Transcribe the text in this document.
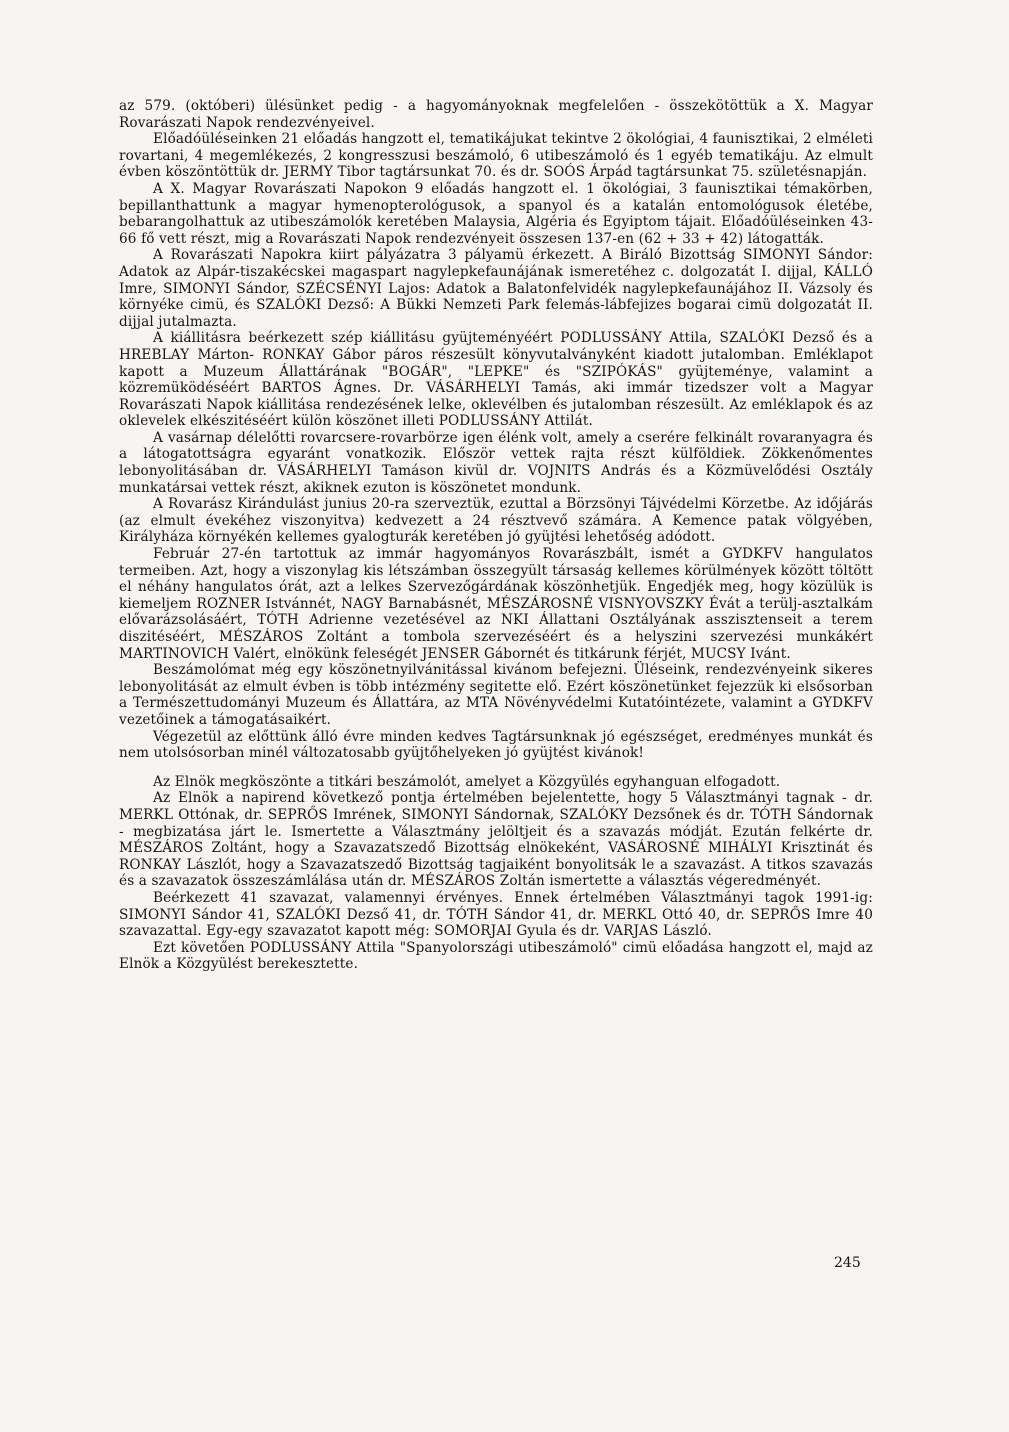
az 579. (októberi) ülésünket pedig - a hagyományoknak megfelelően - összekötöttük a X. Magyar Rovarászati Napok rendezvényeivel.

Előadóüléseinken 21 előadás hangzott el, tematikájukat tekintve 2 ökológiai, 4 faunisztikai, 2 elméleti rovartani, 4 megemlékezés, 2 kongresszusi beszámoló, 6 utibeszámoló és 1 egyéb tematikáju. Az elmult évben köszöntöttük dr. JERMY Tibor tagtársunkat 70. és dr. SOÓS Árpád tagtársunkat 75. születésnapján.

A X. Magyar Rovarászati Napokon 9 előadás hangzott el. 1 ökológiai, 3 faunisztikai témakörben, bepillanthattunk a magyar hymenopterológusok, a spanyol és a katalán entomológusok életébe, bebarangolhattuk az utibeszámolók keretében Malaysia, Algéria és Egyiptom tájait. Előadóüléseinken 43-66 fő vett részt, mig a Rovarászati Napok rendezvényeit összesen 137-en (62 + 33 + 42) látogatták.

A Rovarászati Napokra kiirt pályázatra 3 pályamü érkezett. A Biráló Bizottság SIMONYI Sándor: Adatok az Alpár-tiszakécskei magaspart nagylepkefaunájának ismeretéhez c. dolgozatát I. dijjal, KÁLLÓ Imre, SIMONYI Sándor, SZÉCSÉNYI Lajos: Adatok a Balatonfelvidék nagylepkefaunájához II. Vázsoly és környéke cimü, és SZALÓKI Dezső: A Bükki Nemzeti Park felemás-lábfejizes bogarai cimü dolgozatát II. dijjal jutalmazta.

A kiállitásra beérkezett szép kiállitásu gyüjteményéért PODLUSSÁNY Attila, SZALÓKI Dezső és a HREBLAY Márton- RONKAY Gábor páros részesült könyvutalványként kiadott jutalomban. Emléklapot kapott a Muzeum Állattárának "BOGÁR", "LEPKE" és "SZIPÓKÁS" gyüjteménye, valamint a közremüködéséért BARTOS Ágnes. Dr. VÁSÁRHELYI Tamás, aki immár tizedszer volt a Magyar Rovarászati Napok kiállitása rendezésének lelke, oklevélben és jutalomban részesült. Az emléklapok és az oklevelek elkészitéséért külön köszönet illeti PODLUSSÁNY Attilát.

A vasárnap délelőtti rovarcsere-rovarbörze igen élénk volt, amely a cserére felkinált rovaranyagra és a látogatottságra egyaránt vonatkozik. Először vettek rajta részt külföldiek. Zökkenőmentes lebonyolitásában dr. VÁSÁRHELYI Tamáson kivül dr. VOJNITS András és a Közmüvelődési Osztály munkatársai vettek részt, akiknek ezuton is köszönetet mondunk.

A Rovarász Kirándulást junius 20-ra szerveztük, ezuttal a Börzsönyi Tájvédelmi Körzetbe. Az időjárás (az elmult évekéhez viszonyitva) kedvezett a 24 résztvevő számára. A Kemence patak völgyében, Királyháza környékén kellemes gyalogturák keretében jó gyüjtési lehetőség adódott.

Február 27-én tartottuk az immár hagyományos Rovarászbált, ismét a GYDKFV hangulatos termeiben. Azt, hogy a viszonylag kis létszámban összegyült társaság kellemes körülmények között töltött el néhány hangulatos órát, azt a lelkes Szervezőgárdának köszönhetjük. Engedjék meg, hogy közülük is kiemeljem ROZNER Istvánnét, NAGY Barnabásnét, MÉSZÁROSNÉ VISNYOVSZKY Évát a terülj-asztalkám elővarázsolásáért, TÓTH Adrienne vezetésével az NKI Állattani Osztályának asszisztenseit a terem diszitéséért, MÉSZÁROS Zoltánt a tombola szervezéséért és a helyszini szervezési munkákért MARTINOVICH Valért, elnökünk feleségét JENSER Gábornét és titkárunk férjét, MUCSY Ivánt.

Beszámolómat még egy köszönetnyilvánitással kivánom befejezni. Üléseink, rendezvényeink sikeres lebonyolitását az elmult évben is több intézmény segitette elő. Ezért köszönetünket fejezzük ki elsősorban a Természettudományi Muzeum és Állattára, az MTA Növényvédelmi Kutatóintézete, valamint a GYDKFV vezetőinek a támogatásaikért.

Végezetül az előttünk álló évre minden kedves Tagtársunknak jó egészséget, eredményes munkát és nem utolsósorban minél változatosabb gyüjtőhelyeken jó gyüjtést kivánok!

Az Elnök megköszönte a titkári beszámolót, amelyet a Közgyülés egyhanguan elfogadott.

Az Elnök a napirend következő pontja értelmében bejelentette, hogy 5 Választmányi tagnak - dr. MERKL Ottónak, dr. SEPRŐS Imrének, SIMONYI Sándornak, SZALÓKY Dezsőnek és dr. TÓTH Sándornak - megbizatása járt le. Ismertette a Választmány jelöltjeit és a szavazás módját. Ezután felkérte dr. MÉSZÁROS Zoltánt, hogy a Szavazatszedő Bizottság elnökeként, VASÁROSNÉ MIHÁLYI Krisztinát és RONKAY Lászlót, hogy a Szavazatszedő Bizottság tagjaiként bonyolitsák le a szavazást. A titkos szavazás és a szavazatok összeszámlálása után dr. MÉSZÁROS Zoltán ismertette a választás végeredményét.

Beérkezett 41 szavazat, valamennyi érvényes. Ennek értelmében Választmányi tagok 1991-ig: SIMONYI Sándor 41, SZALÓKI Dezső 41, dr. TÓTH Sándor 41, dr. MERKL Ottó 40, dr. SEPRŐS Imre 40 szavazattal. Egy-egy szavazatot kapott még: SOMORJAI Gyula és dr. VARJAS László.

Ezt követően PODLUSSÁNY Attila "Spanyolországi utibeszámoló" cimü előadása hangzott el, majd az Elnök a Közgyülést berekesztette.

245
